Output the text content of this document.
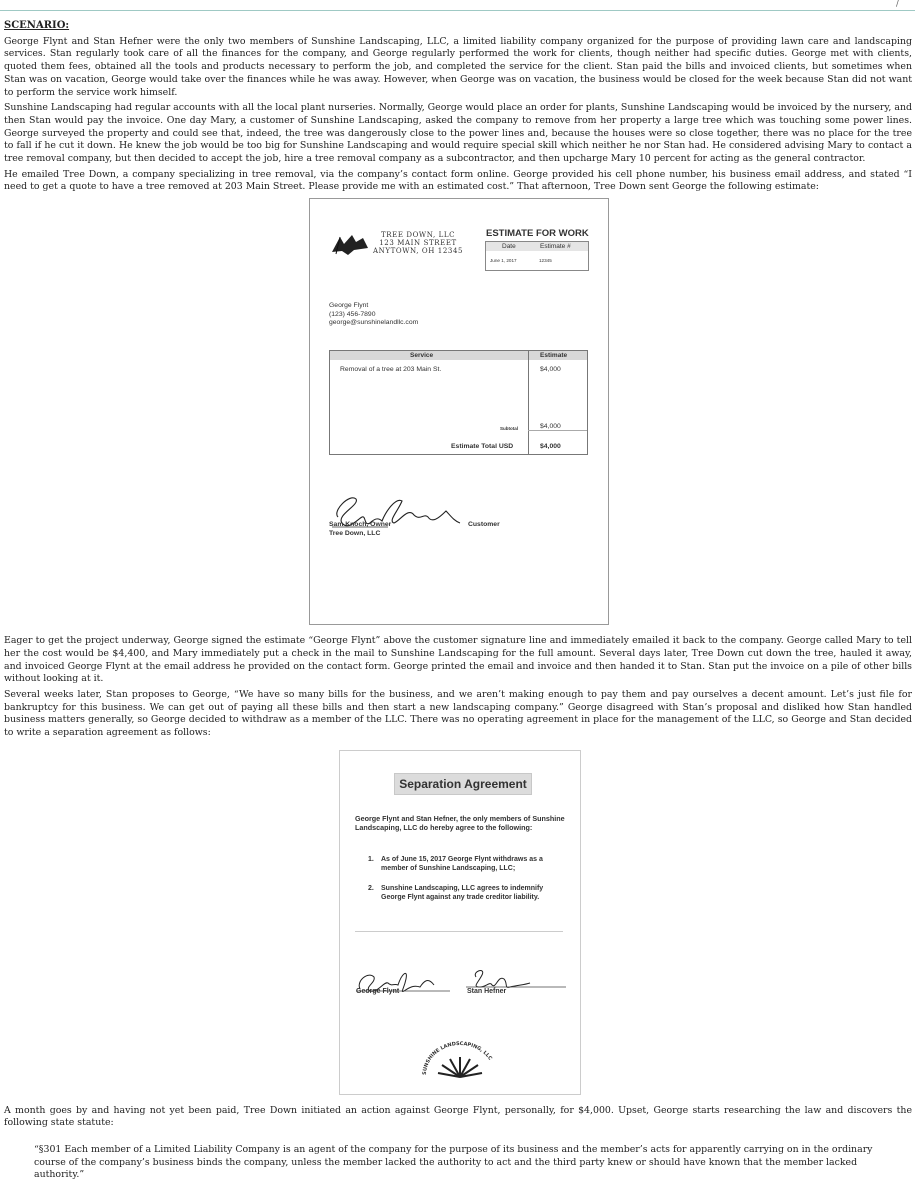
/
SCENARIO:

George Flynt and Stan Hefner were the only two members of Sunshine Landscaping, LLC, a limited liability company organized for the purpose of providing lawn care and landscaping services. Stan regularly took care of all the finances for the company, and George regularly performed the work for clients, though neither had specific duties. George met with clients, quoted them fees, obtained all the tools and products necessary to perform the job, and completed the service for the client. Stan paid the bills and invoiced clients, but sometimes when Stan was on vacation, George would take over the finances while he was away. However, when George was on vacation, the business would be closed for the week because Stan did not want to perform the service work himself.

Sunshine Landscaping had regular accounts with all the local plant nurseries. Normally, George would place an order for plants, Sunshine Landscaping would be invoiced by the nursery, and then Stan would pay the invoice. One day Mary, a customer of Sunshine Landscaping, asked the company to remove from her property a large tree which was touching some power lines. George surveyed the property and could see that, indeed, the tree was dangerously close to the power lines and, because the houses were so close together, there was no place for the tree to fall if he cut it down. He knew the job would be too big for Sunshine Landscaping and would require special skill which neither he nor Stan had. He considered advising Mary to contact a tree removal company, but then decided to accept the job, hire a tree removal company as a subcontractor, and then upcharge Mary 10 percent for acting as the general contractor.

He emailed Tree Down, a company specializing in tree removal, via the company’s contact form online. George provided his cell phone number, his business email address, and stated “I need to get a quote to have a tree removed at 203 Main Street. Please provide me with an estimated cost.” That afternoon, Tree Down sent George the following estimate:

TREE DOWN, LLC
123 MAIN STREET
ANYTOWN, OH 12345
ESTIMATE FOR WORK
Date	Estimate #
June 1, 2017	12345
George Flynt
(123) 456-7890
george@sunshinelandllc.com
Service	Estimate
Removal of a tree at 203 Main St.	$4,000
Subtotal	$4,000
Estimate Total USD	$4,000
Sam Knoch, Owner
Tree Down, LLC
Customer

Eager to get the project underway, George signed the estimate “George Flynt” above the customer signature line and immediately emailed it back to the company. George called Mary to tell her the cost would be $4,400, and Mary immediately put a check in the mail to Sunshine Landscaping for the full amount. Several days later, Tree Down cut down the tree, hauled it away, and invoiced George Flynt at the email address he provided on the contact form. George printed the email and invoice and then handed it to Stan. Stan put the invoice on a pile of other bills without looking at it.

Several weeks later, Stan proposes to George, “We have so many bills for the business, and we aren’t making enough to pay them and pay ourselves a decent amount. Let’s just file for bankruptcy for this business. We can get out of paying all these bills and then start a new landscaping company.” George disagreed with Stan’s proposal and disliked how Stan handled business matters generally, so George decided to withdraw as a member of the LLC. There was no operating agreement in place for the management of the LLC, so George and Stan decided to write a separation agreement as follows:

Separation Agreement
George Flynt and Stan Hefner, the only members of Sunshine Landscaping, LLC do hereby agree to the following:
1. As of June 15, 2017 George Flynt withdraws as a member of Sunshine Landscaping, LLC;
2. Sunshine Landscaping, LLC agrees to indemnify George Flynt against any trade creditor liability.
George Flynt	Stan Hefner
SUNSHINE LANDSCAPING, LLC

A month goes by and having not yet been paid, Tree Down initiated an action against George Flynt, personally, for $4,000. Upset, George starts researching the law and discovers the following state statute:

“§301 Each member of a Limited Liability Company is an agent of the company for the purpose of its business and the member’s acts for apparently carrying on in the ordinary course of the company’s business binds the company, unless the member lacked the authority to act and the third party knew or should have known that the member lacked authority.”
